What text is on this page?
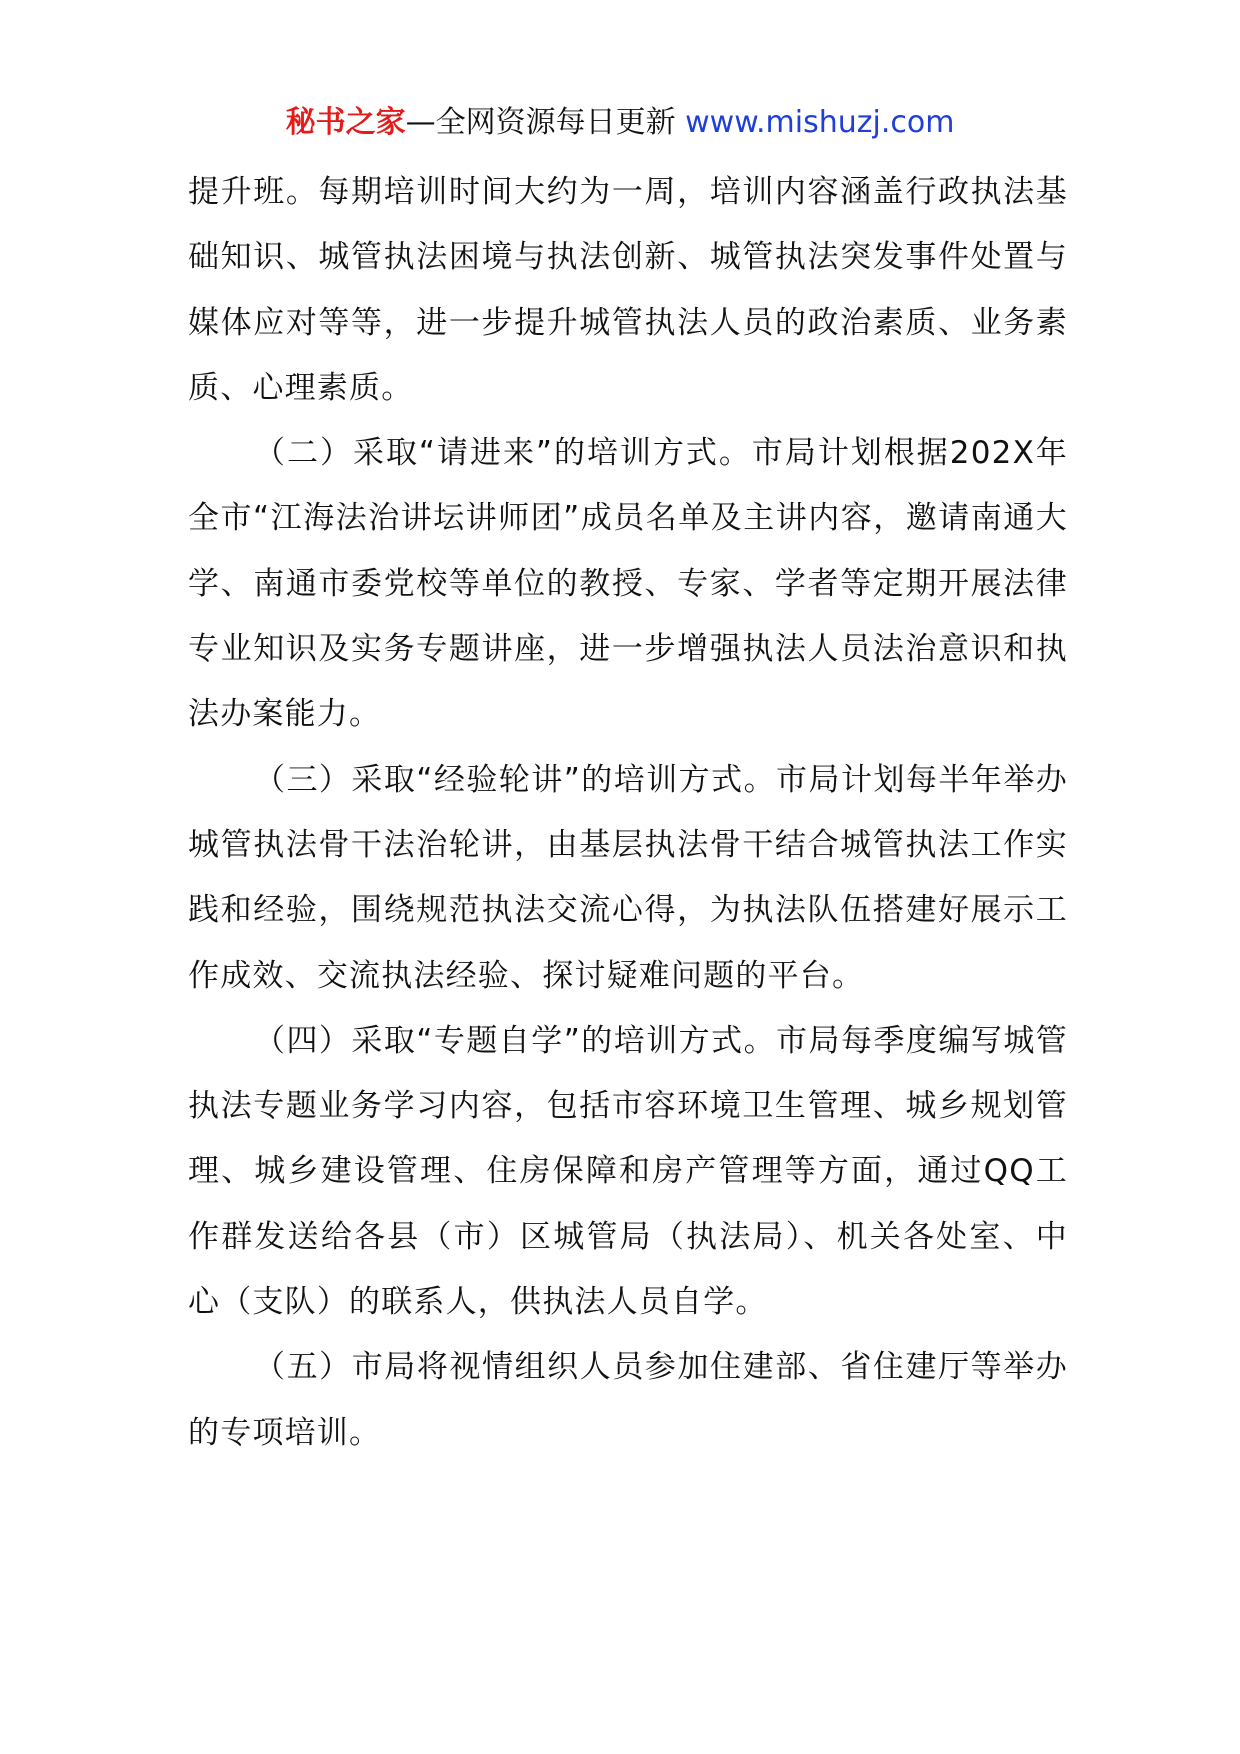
秘书之家—全网资源每日更新 www.mishuzj.com

提升班。每期培训时间大约为一周，培训内容涵盖行政执法基础知识、城管执法困境与执法创新、城管执法突发事件处置与媒体应对等等，进一步提升城管执法人员的政治素质、业务素质、心理素质。

（二）采取“请进来”的培训方式。市局计划根据202X年全市“江海法治讲坛讲师团”成员名单及主讲内容，邀请南通大学、南通市委党校等单位的教授、专家、学者等定期开展法律专业知识及实务专题讲座，进一步增强执法人员法治意识和执法办案能力。

（三）采取“经验轮讲”的培训方式。市局计划每半年举办城管执法骨干法治轮讲，由基层执法骨干结合城管执法工作实践和经验，围绕规范执法交流心得，为执法队伍搭建好展示工作成效、交流执法经验、探讨疑难问题的平台。

（四）采取“专题自学”的培训方式。市局每季度编写城管执法专题业务学习内容，包括市容环境卫生管理、城乡规划管理、城乡建设管理、住房保障和房产管理等方面，通过QQ工作群发送给各县（市）区城管局（执法局）、机关各处室、中心（支队）的联系人，供执法人员自学。

（五）市局将视情组织人员参加住建部、省住建厅等举办的专项培训。
